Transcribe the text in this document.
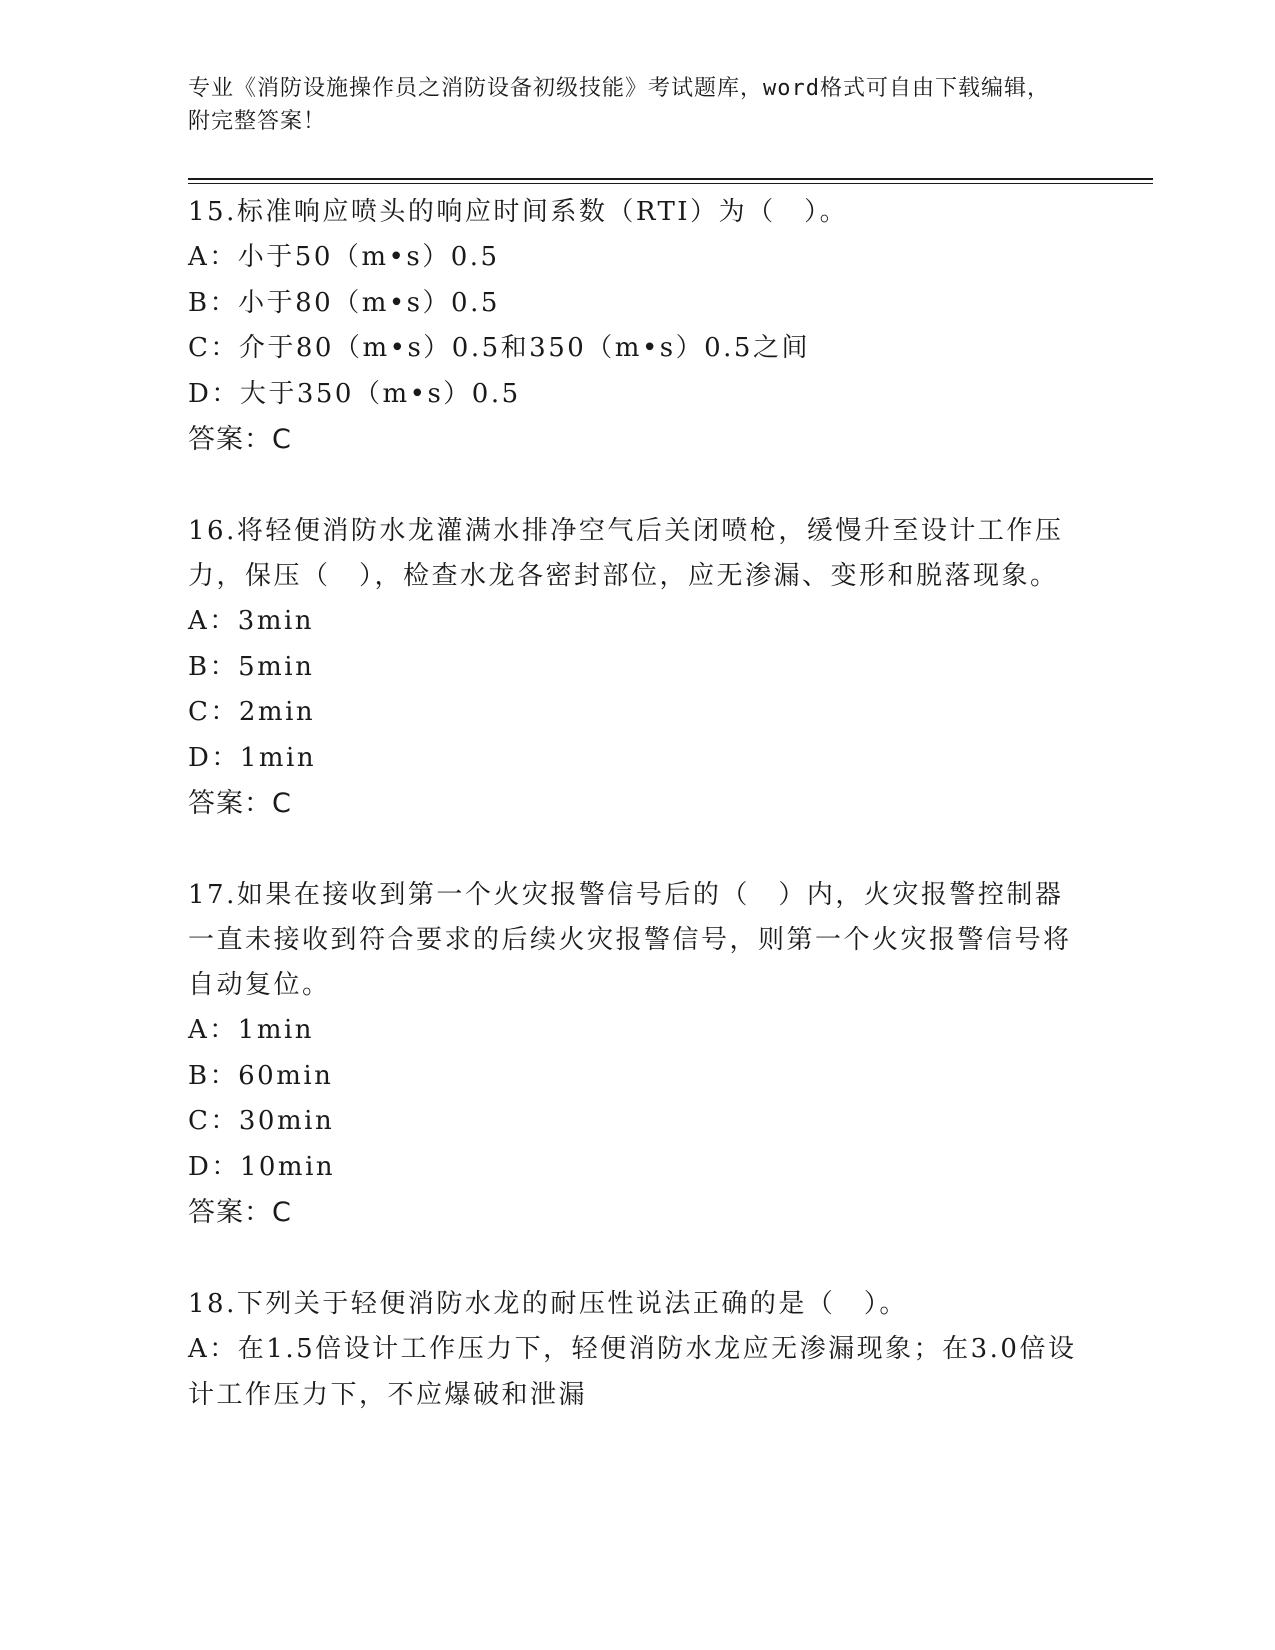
专业《消防设施操作员之消防设备初级技能》考试题库，word格式可自由下载编辑，附完整答案！

15.标准响应喷头的响应时间系数（RTI）为（　）。

A：小于50（m•s）0.5

B：小于80（m•s）0.5

C：介于80（m•s）0.5和350（m•s）0.5之间

D：大于350（m•s）0.5

答案：C

16.将轻便消防水龙灌满水排净空气后关闭喷枪，缓慢升至设计工作压力，保压（　），检查水龙各密封部位，应无渗漏、变形和脱落现象。

A：3min

B：5min

C：2min

D：1min

答案：C

17.如果在接收到第一个火灾报警信号后的（　）内，火灾报警控制器一直未接收到符合要求的后续火灾报警信号，则第一个火灾报警信号将自动复位。

A：1min

B：60min

C：30min

D：10min

答案：C

18.下列关于轻便消防水龙的耐压性说法正确的是（　）。

A：在1.5倍设计工作压力下，轻便消防水龙应无渗漏现象；在3.0倍设计工作压力下，不应爆破和泄漏
